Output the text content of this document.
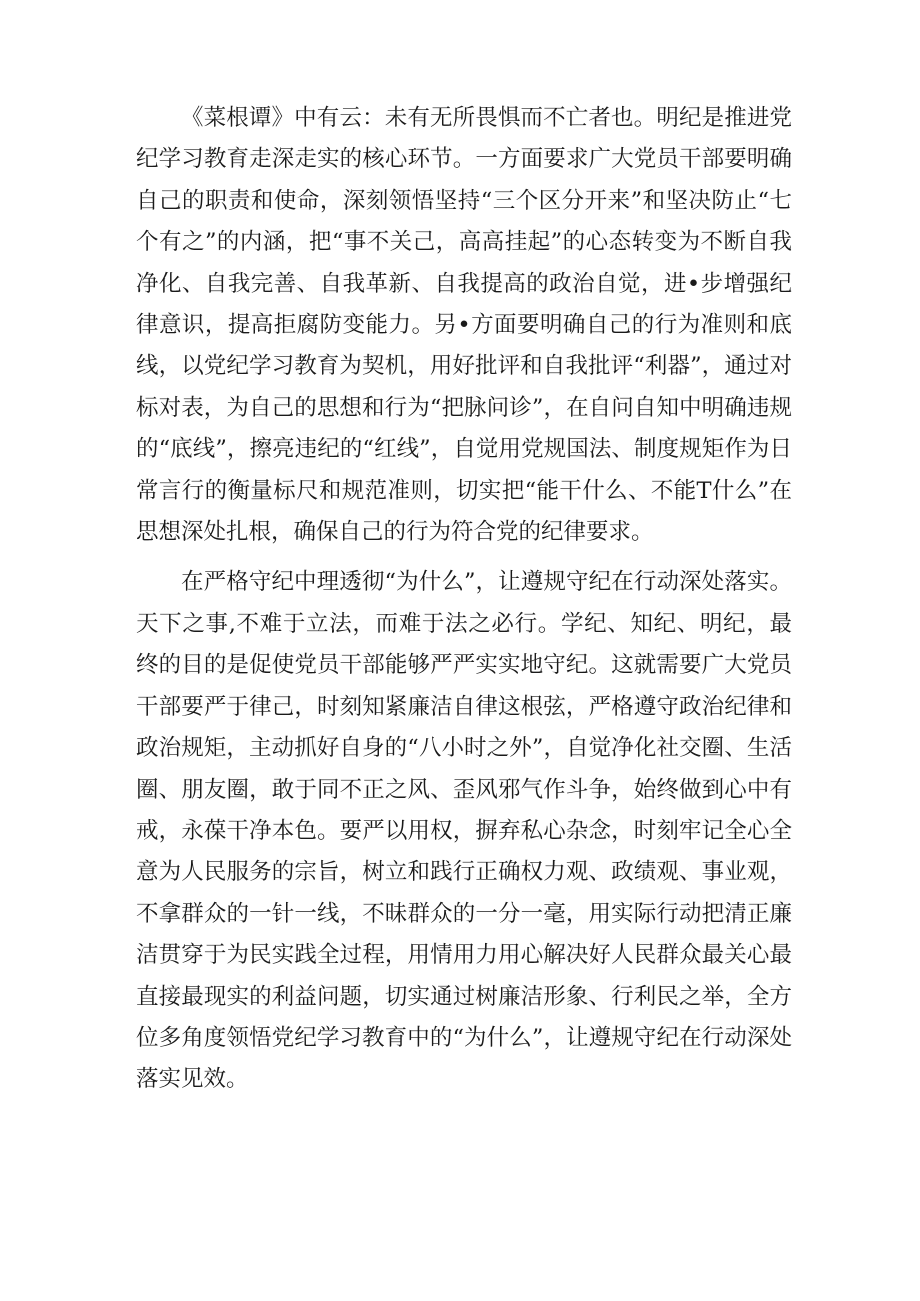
《菜根谭》中有云：未有无所畏惧而不亡者也。明纪是推进党纪学习教育走深走实的核心环节。一方面要求广大党员干部要明确自己的职责和使命，深刻领悟坚持“三个区分开来”和坚决防止“七个有之”的内涵，把“事不关己，高高挂起”的心态转变为不断自我净化、自我完善、自我革新、自我提高的政治自觉，进•步增强纪律意识，提高拒腐防变能力。另•方面要明确自己的行为准则和底线，以党纪学习教育为契机，用好批评和自我批评“利器”，通过对标对表，为自己的思想和行为“把脉问诊”，在自问自知中明确违规的“底线”，擦亮违纪的“红线”，自觉用党规国法、制度规矩作为日常言行的衡量标尺和规范准则，切实把“能干什么、不能T什么”在思想深处扎根，确保自己的行为符合党的纪律要求。

在严格守纪中理透彻“为什么”，让遵规守纪在行动深处落实。天下之事,不难于立法，而难于法之必行。学纪、知纪、明纪，最终的目的是促使党员干部能够严严实实地守纪。这就需要广大党员干部要严于律己，时刻知紧廉洁自律这根弦，严格遵守政治纪律和政治规矩，主动抓好自身的“八小时之外”，自觉净化社交圈、生活圈、朋友圈，敢于同不正之风、歪风邪气作斗争，始终做到心中有戒，永葆干净本色。要严以用权，摒弃私心杂念，时刻牢记全心全意为人民服务的宗旨，树立和践行正确权力观、政绩观、事业观，不拿群众的一针一线，不昧群众的一分一毫，用实际行动把清正廉洁贯穿于为民实践全过程，用情用力用心解决好人民群众最关心最直接最现实的利益问题，切实通过树廉洁形象、行利民之举，全方位多角度领悟党纪学习教育中的“为什么”，让遵规守纪在行动深处落实见效。
